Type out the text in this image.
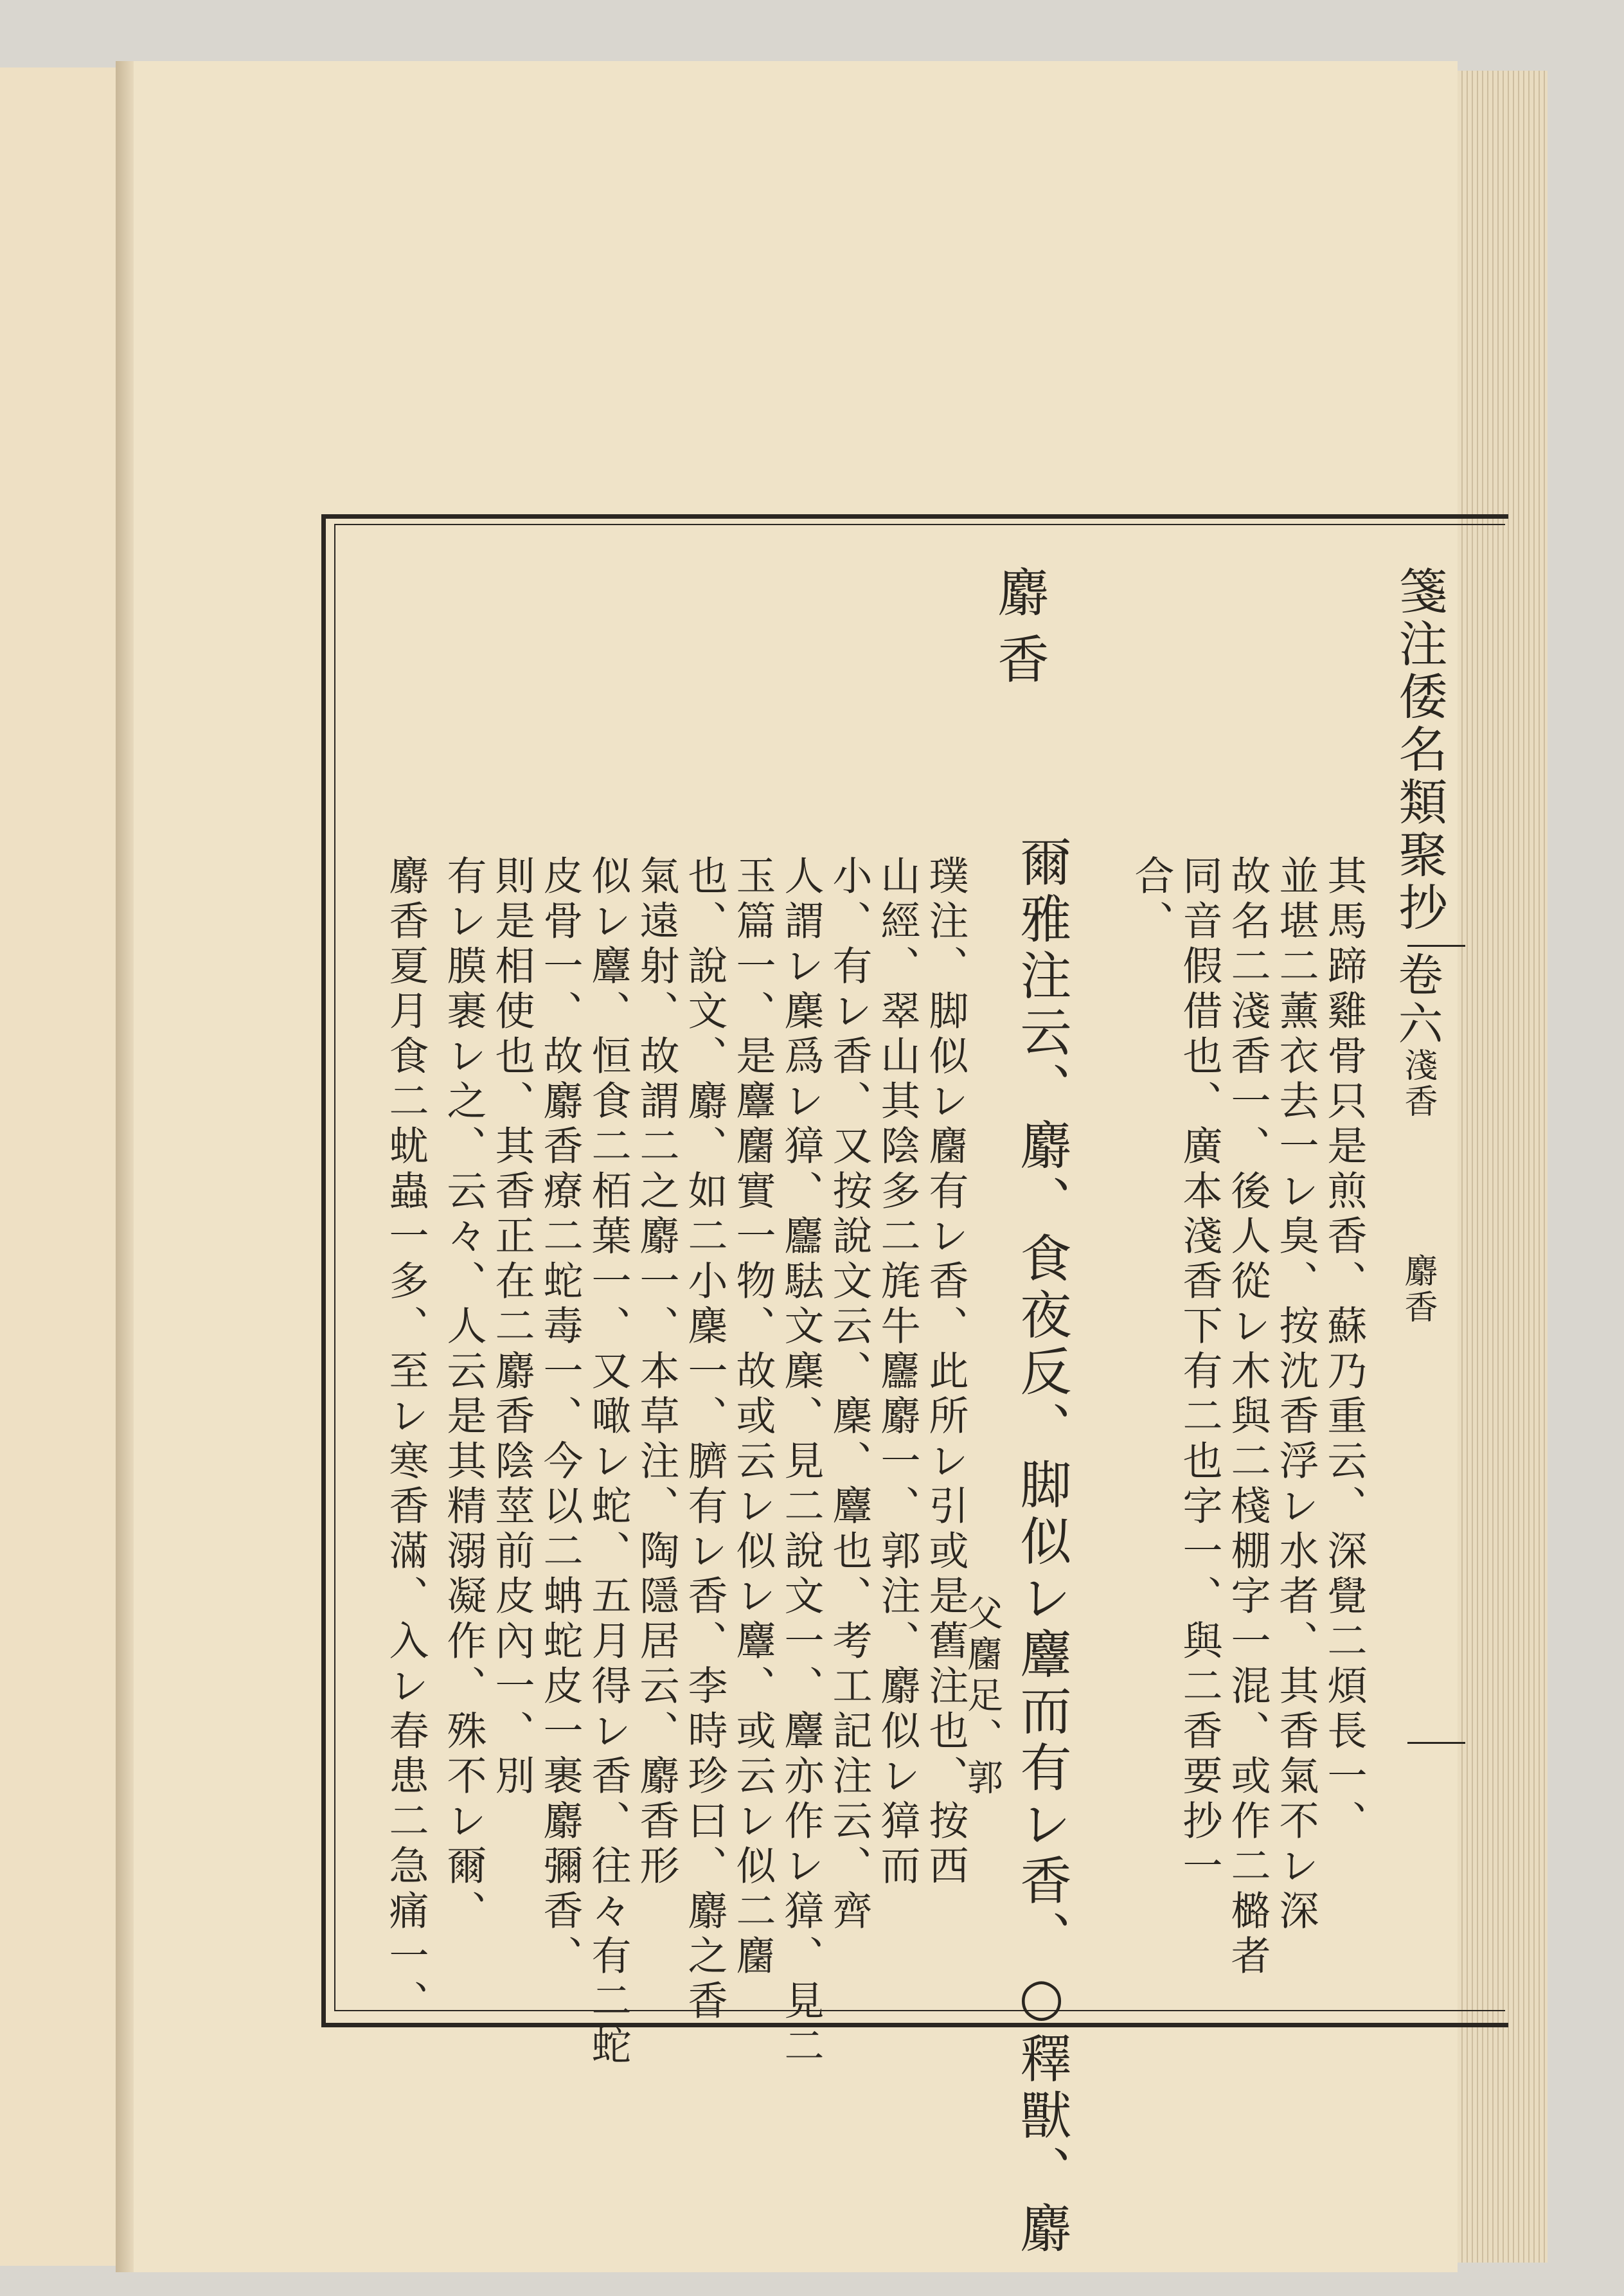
箋注倭名類聚抄
卷六
淺香
麝香
麝香
其馬蹄雞骨只是煎香、蘇乃重云、深覺二煩長一、
並堪二薰衣去一レ臭、按沈香浮レ水者、其香氣不レ深
故名二淺香一、後人從レ木與二棧棚字一混、或作二㯝者
同音假借也、廣本淺香下有二也字一、與二香要抄一
合、
爾雅注云、麝、食夜反、脚似レ麞而有レ香、○釋獸、麝
父麕足、郭
璞注、脚似レ麕有レ香、此所レ引或是舊注也、按西
山經、翠山其陰多二旄牛麢麝一、郭注、麝似レ獐而
小、有レ香、又按說文云、麇、麞也、考工記注云、齊
人謂レ麇爲レ獐、麢䮃文麇、見二說文一、麞亦作レ獐、見二
玉篇一、是麞麕實一物、故或云レ似レ麞、或云レ似二麕
也、說文、麝、如二小麇一、臍有レ香、李時珍曰、麝之香
氣遠射、故謂二之麝一、本草注、陶隱居云、麝香形
似レ麞、恒食二栢葉一、又噉レ蛇、五月得レ香、往々有二蛇
皮骨一、故麝香療二蛇毒一、今以二蚺蛇皮一裹麝彌香、
則是相使也、其香正在二麝香陰莖前皮內一、別
有レ膜裹レ之、云々、人云是其精溺凝作、殊不レ爾、
麝香夏月食二蚘蟲一多、至レ寒香滿、入レ春患二急痛一、
